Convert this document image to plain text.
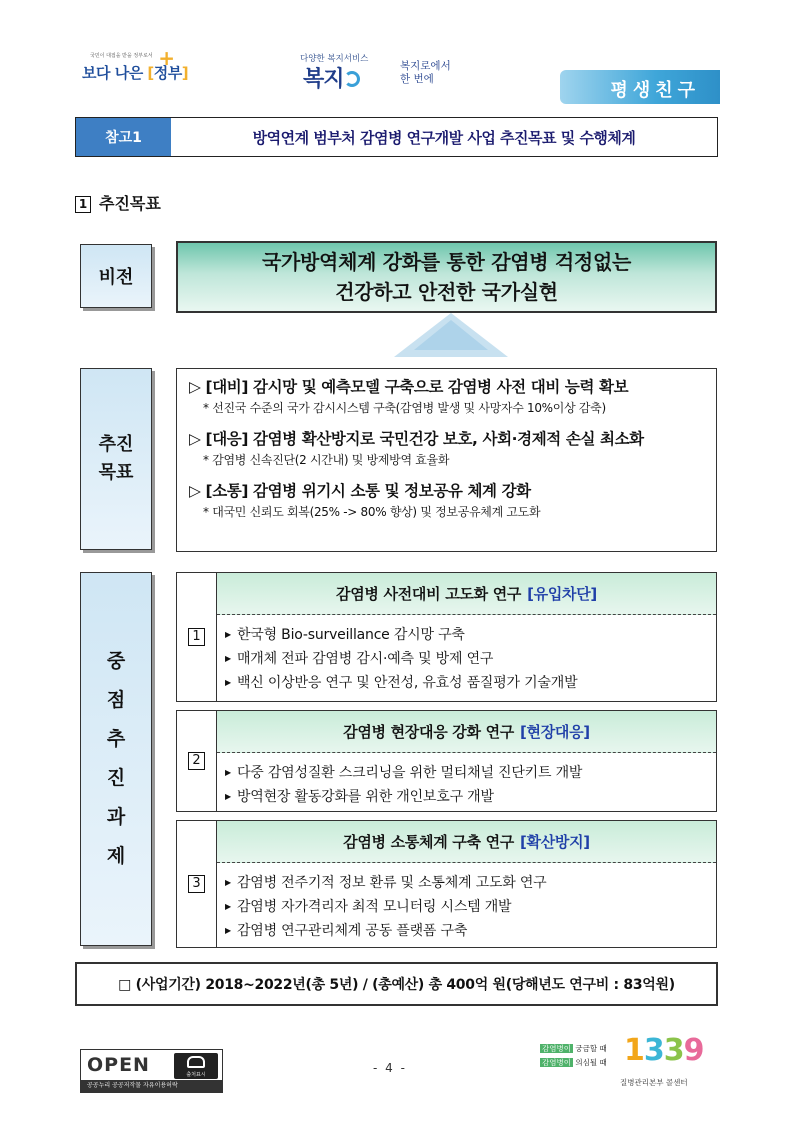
국민이 대접을 받을 정부로서
보다 나은 [정부]
+	다양한 복지서비스
복지
복지로에서
한 번에
평생친구
참고1	방역연계 범부처 감염병 연구개발 사업 추진목표 및 수행체계
1 추진목표
비전
국가방역체계 강화를 통한 감염병 걱정없는
건강하고 안전한 국가실현
추진
목표
▷ [대비] 감시망 및 예측모델 구축으로 감염병 사전 대비 능력 확보
* 선진국 수준의 국가 감시시스템 구축(감염병 발생 및 사망자수 10%이상 감축)
▷ [대응] 감염병 확산방지로 국민건강 보호, 사회·경제적 손실 최소화
* 감염병 신속진단(2 시간내) 및 방제방역 효율화
▷ [소통] 감염병 위기시 소통 및 정보공유 체계 강화
* 대국민 신뢰도 회복(25% -> 80% 향상) 및 정보공유체계 고도화
중
점
추
진
과
제
1
감염병 사전대비 고도화 연구 [유입차단]
▶ 한국형 Bio-surveillance 감시망 구축
▶ 매개체 전파 감염병 감시·예측 및 방제 연구
▶ 백신 이상반응 연구 및 안전성, 유효성 품질평가 기술개발
2
감염병 현장대응 강화 연구 [현장대응]
▶ 다중 감염성질환 스크리닝을 위한 멀티채널 진단키트 개발
▶ 방역현장 활동강화를 위한 개인보호구 개발
3
감염병 소통체계 구축 연구 [확산방지]
▶ 감염병 전주기적 정보 환류 및 소통체계 고도화 연구
▶ 감염병 자가격리자 최적 모니터링 시스템 개발
▶ 감염병 연구관리체계 공동 플랫폼 구축
□ (사업기간) 2018~2022년(총 5년) / (총예산) 총 400억 원(당해년도 연구비 : 83억원)
OPEN	출처표시
공공누리 공공저작물 자유이용허락
- 4 -
감염병이 궁금할 때
감염병이 의심될 때 1339
질병관리본부 콜센터
